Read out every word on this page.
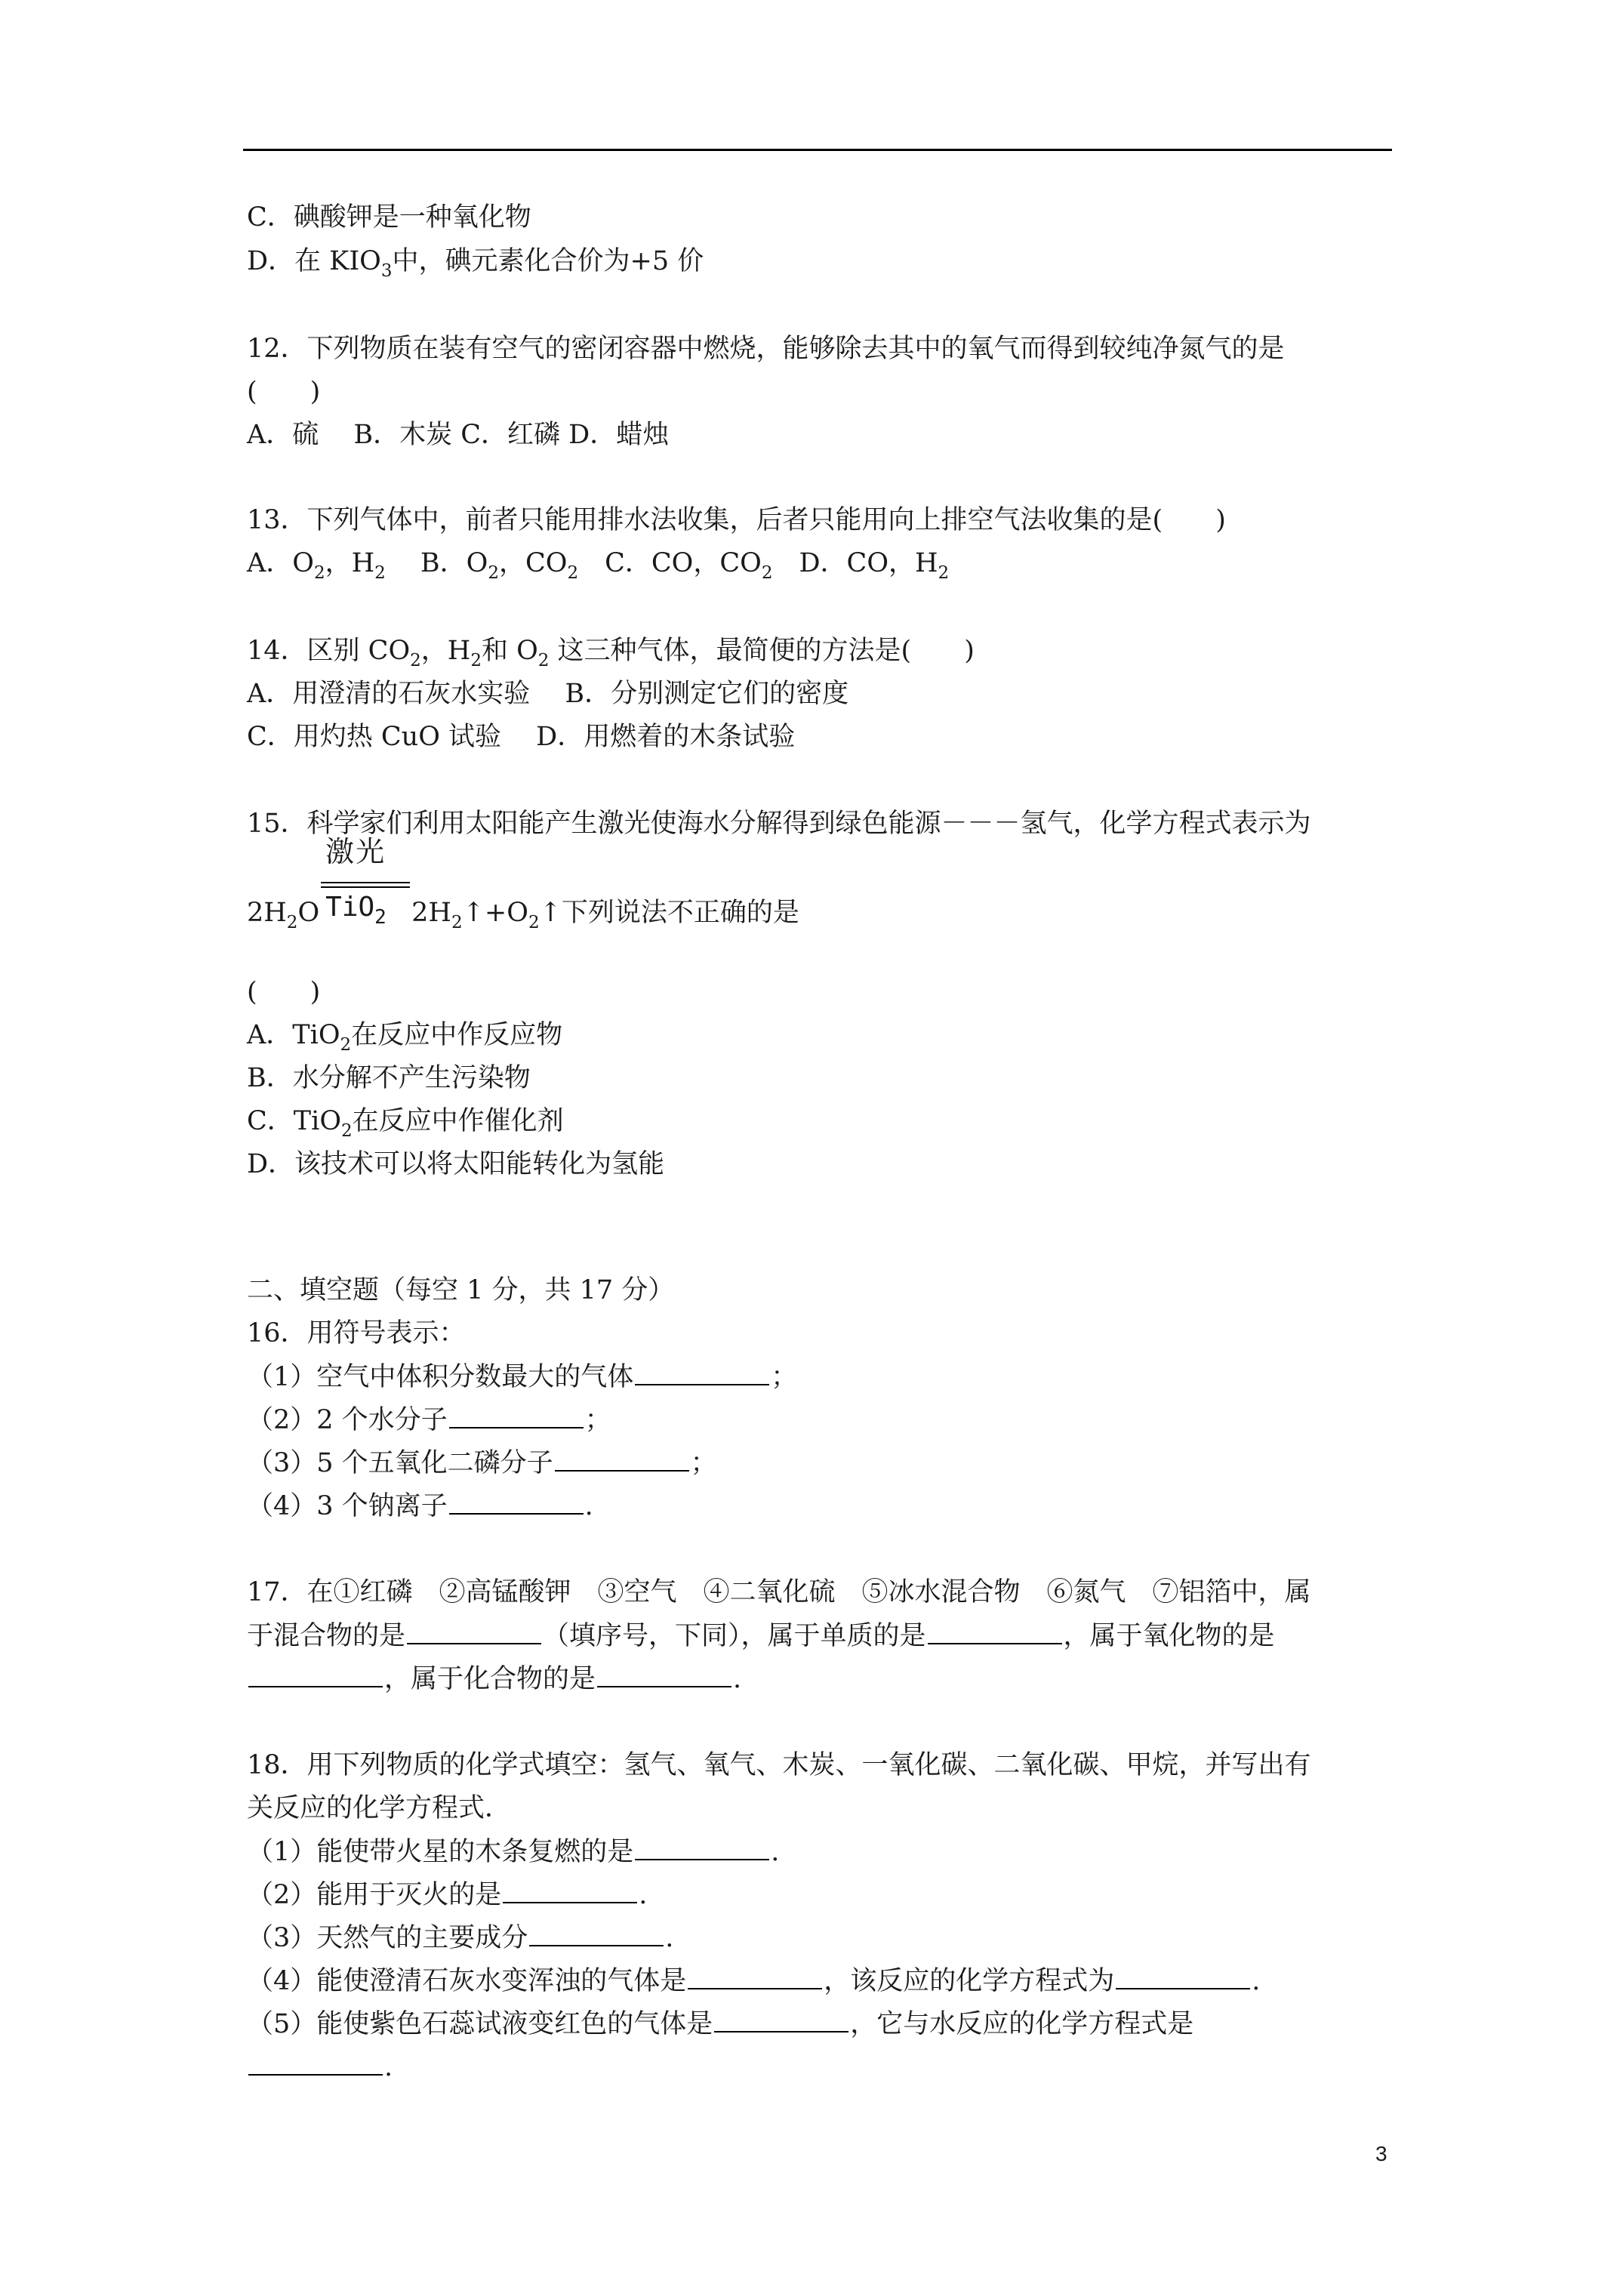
C．碘酸钾是一种氧化物
D．在 $KIO_3$中，碘元素化合价为+5 价
12．下列物质在装有空气的密闭容器中燃烧，能够除去其中的氧气而得到较纯净氮气的是
(　　)
A．硫　 B．木炭 C．红磷 D．蜡烛
13．下列气体中，前者只能用排水法收集，后者只能用向上排空气法收集的是(　　)
A．$O_2$，$H_2$　 B．$O_2$，$CO_2$　C．CO，$CO_2$　D．CO，$H_2$
14．区别 $CO_2$，$H_2$和 $O_2$ 这三种气体，最简便的方法是(　　)
A．用澄清的石灰水实验　 B．分别测定它们的密度
C．用灼热 CuO 试验　 D．用燃着的木条试验
15．科学家们利用太阳能产生激光使海水分解得到绿色能源－－－氢气，化学方程式表示为
$2H_2O$
激光
TiO$_2$ $2H_2↑+O_2↑$下列说法不正确的是
(　　)
A．TiO$_2$在反应中作反应物
B．水分解不产生污染物
C．TiO$_2$在反应中作催化剂
D．该技术可以将太阳能转化为氢能
二、填空题（每空 1 分，共 17 分）
16．用符号表示：
（1）空气中体积分数最大的气体	；
（2）2 个水分子	；
（3）5 个五氧化二磷分子	；
（4）3 个钠离子	.
17．在①红磷　②高锰酸钾　③空气　④二氧化硫　⑤冰水混合物　⑥氮气　⑦铝箔中，属
于混合物的是	（填序号，下同），属于单质的是	，属于氧化物的是
，属于化合物的是	.
18．用下列物质的化学式填空：氢气、氧气、木炭、一氧化碳、二氧化碳、甲烷，并写出有
关反应的化学方程式．
（1）能使带火星的木条复燃的是	.
（2）能用于灭火的是	.
（3）天然气的主要成分	.
（4）能使澄清石灰水变浑浊的气体是	，该反应的化学方程式为	.
（5）能使紫色石蕊试液变红色的气体是	，它与水反应的化学方程式是
.
3
